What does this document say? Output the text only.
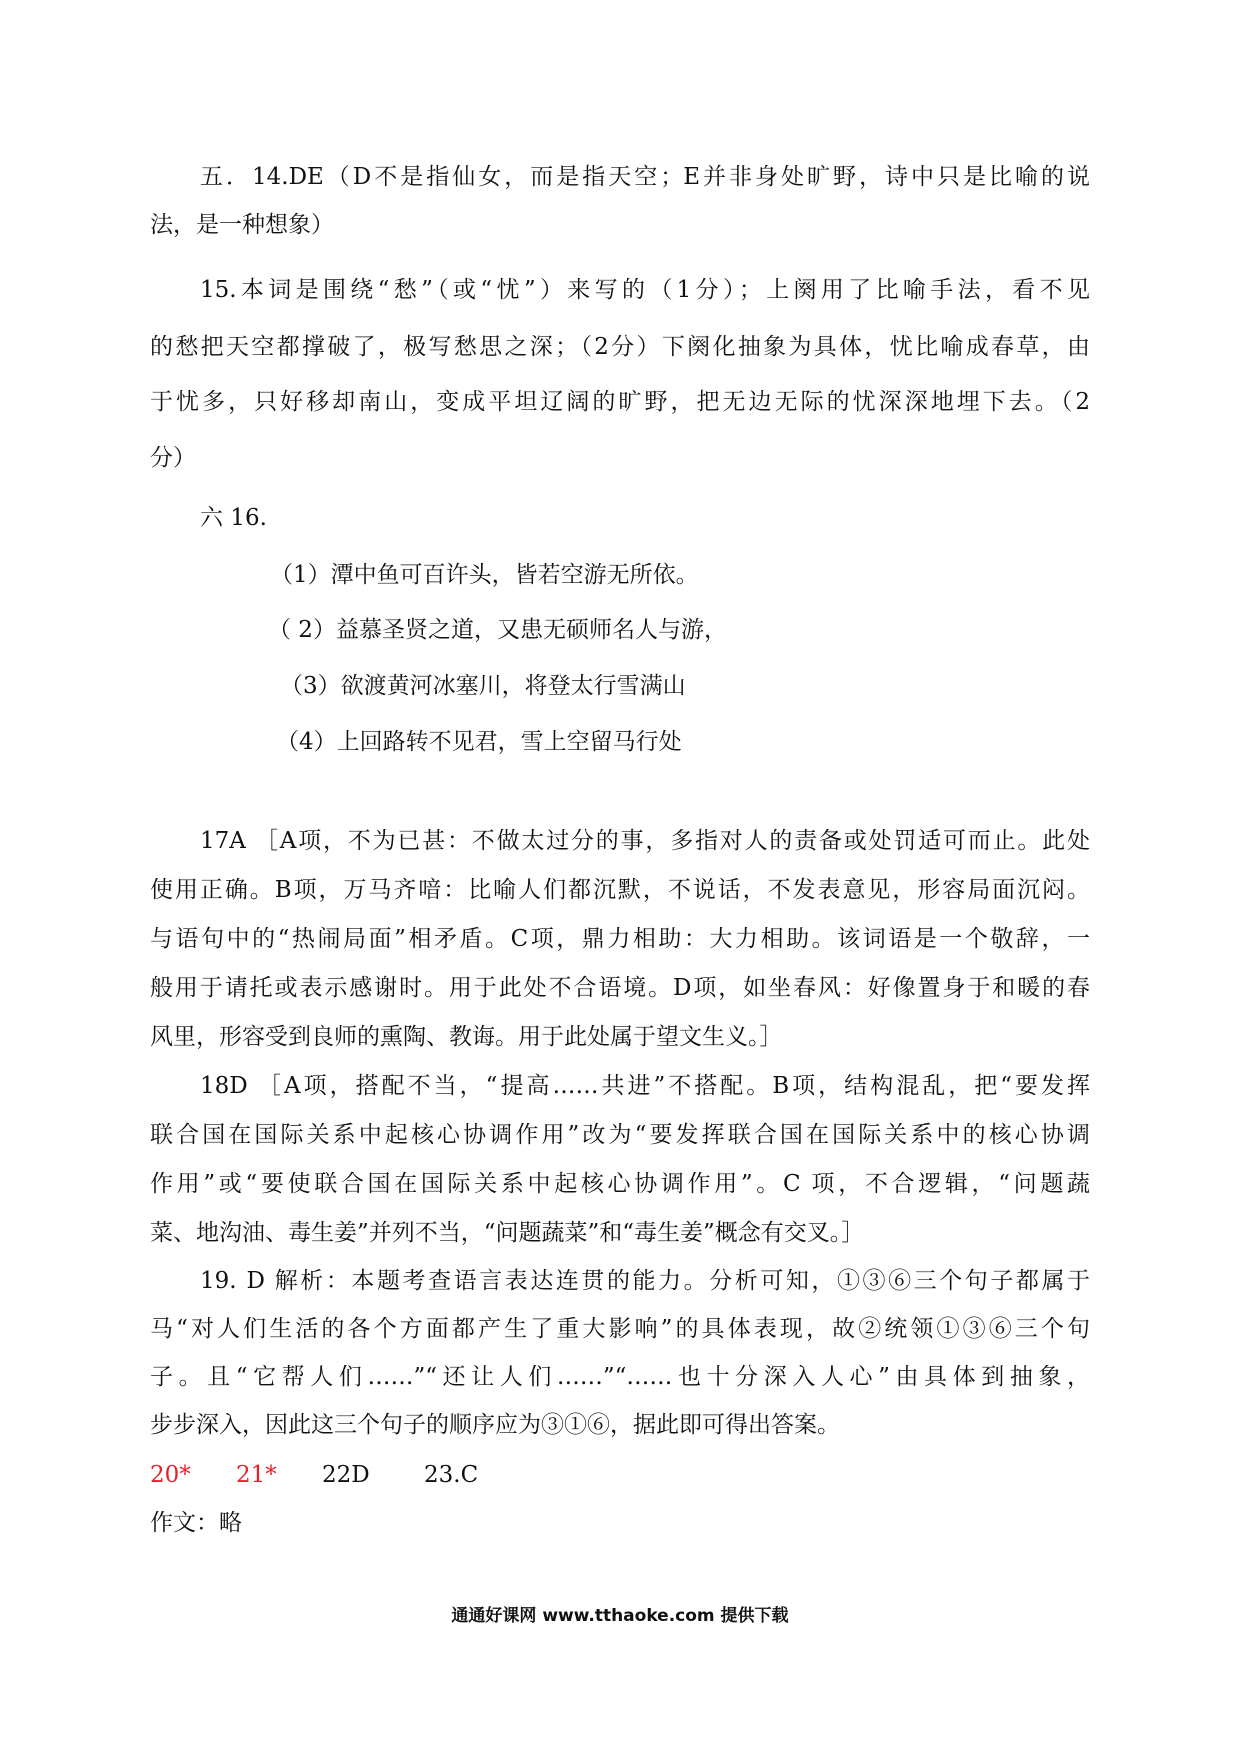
五．14.DE（D不是指仙女，而是指天空；E并非身处旷野，诗中只是比喻的说
法，是一种想象）
15.本词是围绕“愁”（或“忧”）来写的（1分）；上阕用了比喻手法，看不见
的愁把天空都撑破了，极写愁思之深；（2分）下阕化抽象为具体，忧比喻成春草，由
于忧多，只好移却南山，变成平坦辽阔的旷野，把无边无际的忧深深地埋下去。（2
分）
六 16.
（1）潭中鱼可百许头，皆若空游无所依。
（ 2）益慕圣贤之道，又患无硕师名人与游，
（3）欲渡黄河冰塞川，将登太行雪满山
（4）上回路转不见君，雪上空留马行处
17A ［A项，不为已甚：不做太过分的事，多指对人的责备或处罚适可而止。此处
使用正确。B项，万马齐喑：比喻人们都沉默，不说话，不发表意见，形容局面沉闷。
与语句中的“热闹局面”相矛盾。C项，鼎力相助：大力相助。该词语是一个敬辞，一
般用于请托或表示感谢时。用于此处不合语境。D项，如坐春风：好像置身于和暖的春
风里，形容受到良师的熏陶、教诲。用于此处属于望文生义。］
18D ［A项，搭配不当，“提高……共进”不搭配。B项，结构混乱，把“要发挥
联合国在国际关系中起核心协调作用”改为“要发挥联合国在国际关系中的核心协调
作用”或“要使联合国在国际关系中起核心协调作用”。C 项，不合逻辑，“问题蔬
菜、地沟油、毒生姜”并列不当，“问题蔬菜”和“毒生姜”概念有交叉。］
19. D 解析：本题考查语言表达连贯的能力。分析可知，①③⑥三个句子都属于
马“对人们生活的各个方面都产生了重大影响”的具体表现，故②统领①③⑥三个句
子。且“它帮人们……”“还让人们……”“……也十分深入人心”由具体到抽象，
步步深入，因此这三个句子的顺序应为③①⑥，据此即可得出答案。
20*	21*	22D	23.C
作文：略
通通好课网 www.tthaoke.com 提供下载
